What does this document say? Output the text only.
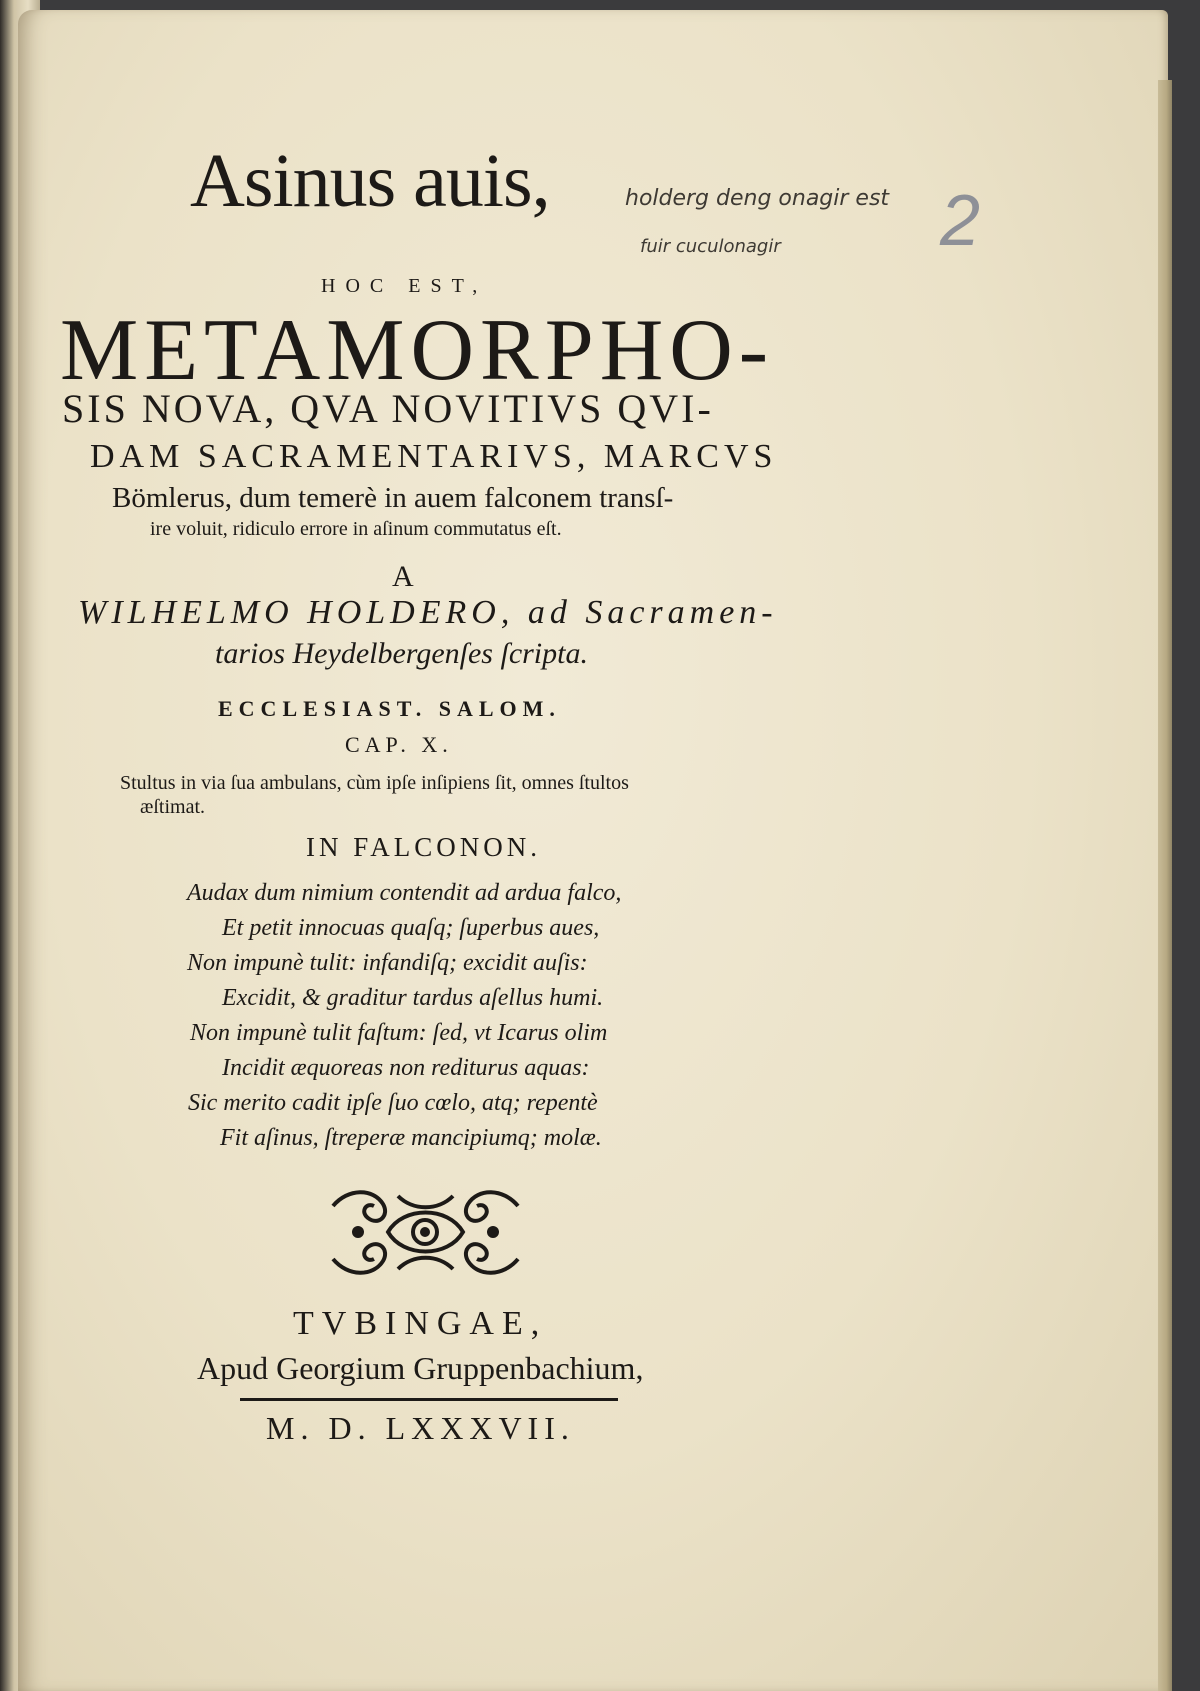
Asinus auis,	holderg deng onagir est
fuir cuculonagir 2
HOC EST,
METAMORPHO-
SIS NOVA, QVA NOVITIVS QVI-
DAM SACRAMENTARIVS, MARCVS
Bömlerus, dum temerè in auem falconem transſ-
ire voluit, ridiculo errore in aſinum commutatus eſt.
A
WILHELMO HOLDERO, ad Sacramen-
tarios Heydelbergenſes ſcripta.
ECCLESIAST. SALOM.
CAP. X.
Stultus in via ſua ambulans, cùm ipſe inſipiens ſit, omnes ſtultos
æſtimat.
IN FALCONON.
Audax dum nimium contendit ad ardua falco,
Et petit innocuas quaſq; ſuperbus aues,
Non impunè tulit: infandiſq; excidit auſis:
Excidit, & graditur tardus aſellus humi.
Non impunè tulit faſtum: ſed, vt Icarus olim
Incidit æquoreas non rediturus aquas:
Sic merito cadit ipſe ſuo cœlo, atq; repentè
Fit aſinus, ſtreperæ mancipiumq; molæ.
TVBINGAE,
Apud Georgium Gruppenbachium,
M. D. LXXXVII.
